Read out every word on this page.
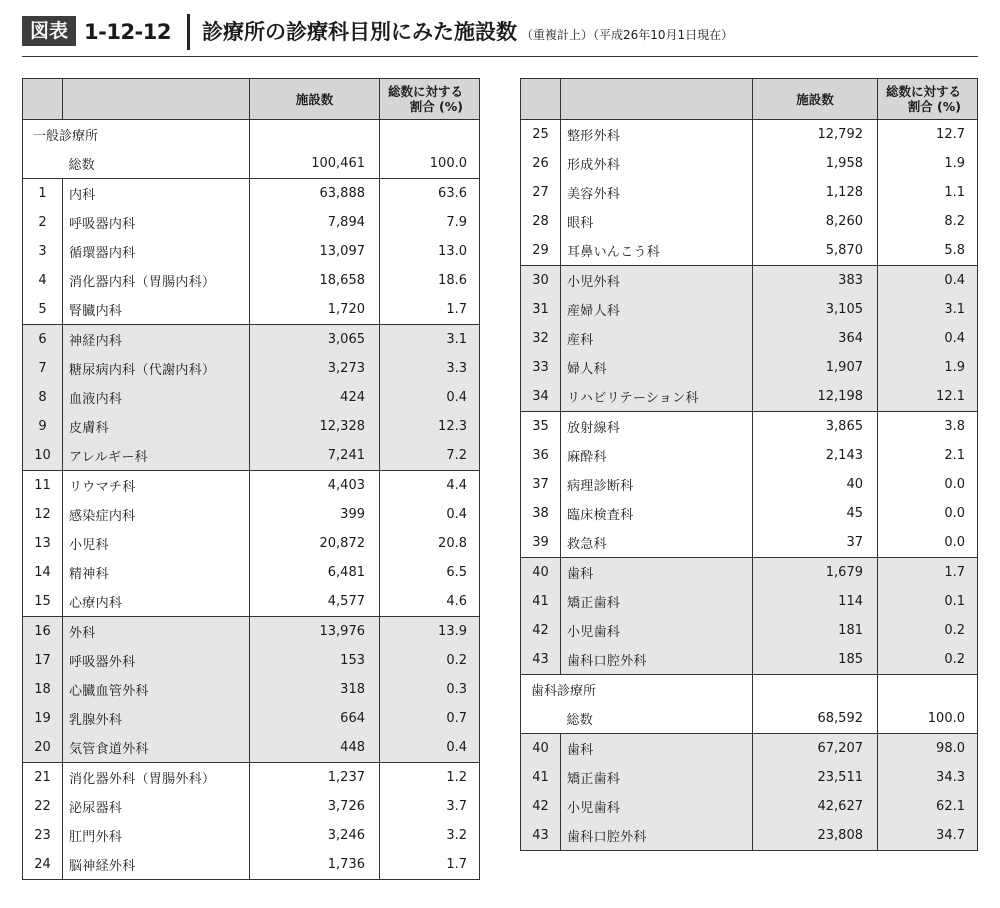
図表 1-12-12 診療所の診療科目別にみた施設数 （重複計上）（平成26年10月1日現在）
		施設数	総数に対する
割合 (%)

一般診療所			
	総数	100,461	100.0
1	内科	63,888	63.6
2	呼吸器内科	7,894	7.9
3	循環器内科	13,097	13.0
4	消化器内科（胃腸内科）	18,658	18.6
5	腎臓内科	1,720	1.7
6	神経内科	3,065	3.1
7	糖尿病内科（代謝内科）	3,273	3.3
8	血液内科	424	0.4
9	皮膚科	12,328	12.3
10	アレルギー科	7,241	7.2
11	リウマチ科	4,403	4.4
12	感染症内科	399	0.4
13	小児科	20,872	20.8
14	精神科	6,481	6.5
15	心療内科	4,577	4.6
16	外科	13,976	13.9
17	呼吸器外科	153	0.2
18	心臓血管外科	318	0.3
19	乳腺外科	664	0.7
20	気管食道外科	448	0.4
21	消化器外科（胃腸外科）	1,237	1.2
22	泌尿器科	3,726	3.7
23	肛門外科	3,246	3.2
24	脳神経外科	1,736	1.7
		施設数	総数に対する
割合 (%)

25	整形外科	12,792	12.7
26	形成外科	1,958	1.9
27	美容外科	1,128	1.1
28	眼科	8,260	8.2
29	耳鼻いんこう科	5,870	5.8
30	小児外科	383	0.4
31	産婦人科	3,105	3.1
32	産科	364	0.4
33	婦人科	1,907	1.9
34	リハビリテーション科	12,198	12.1
35	放射線科	3,865	3.8
36	麻酔科	2,143	2.1
37	病理診断科	40	0.0
38	臨床検査科	45	0.0
39	救急科	37	0.0
40	歯科	1,679	1.7
41	矯正歯科	114	0.1
42	小児歯科	181	0.2
43	歯科口腔外科	185	0.2
歯科診療所			
	総数	68,592	100.0
40	歯科	67,207	98.0
41	矯正歯科	23,511	34.3
42	小児歯科	42,627	62.1
43	歯科口腔外科	23,808	34.7
